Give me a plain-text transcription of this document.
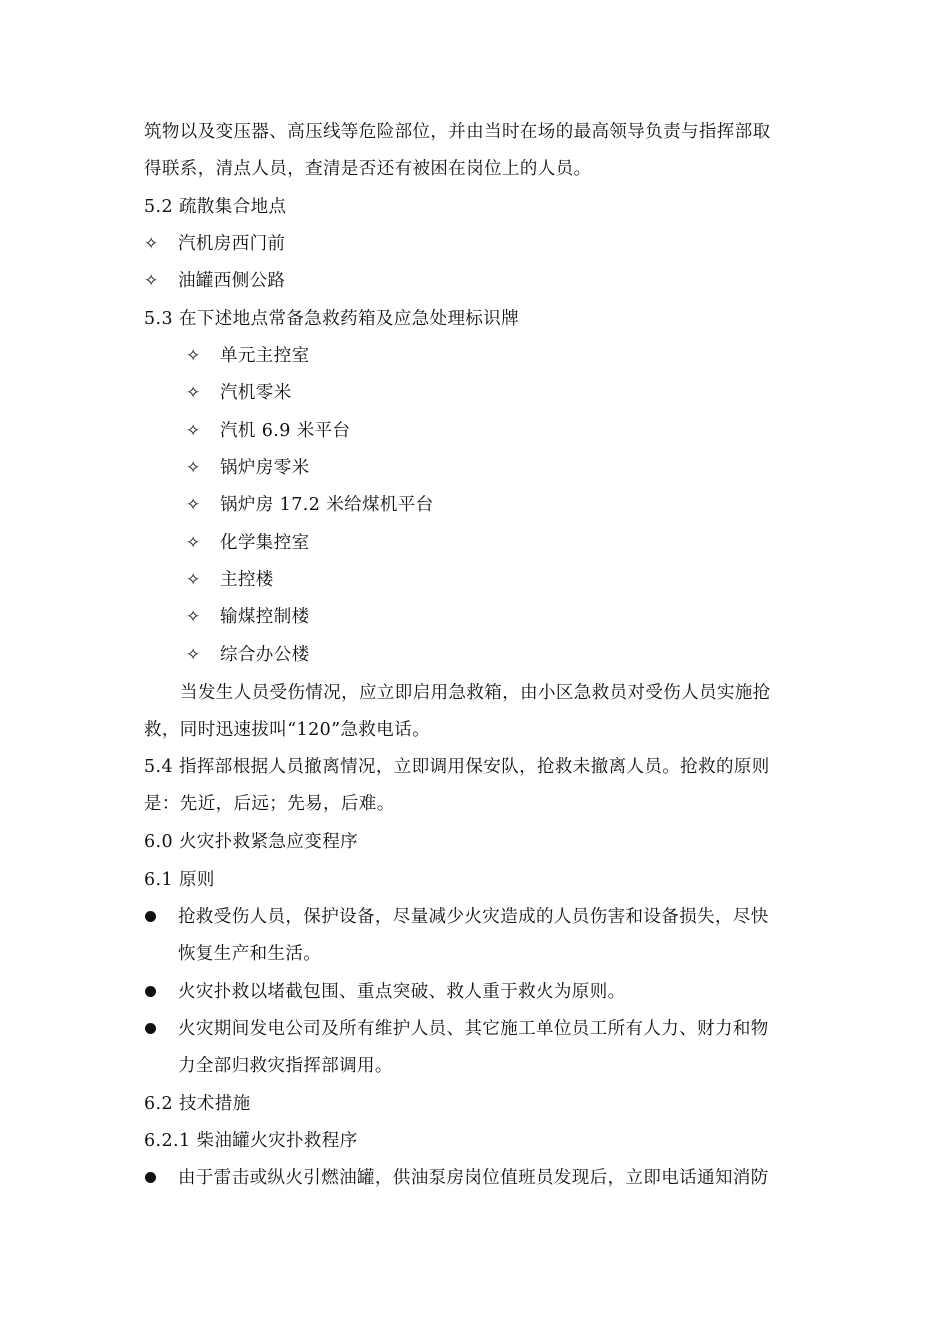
筑物以及变压器、高压线等危险部位，并由当时在场的最高领导负责与指挥部取
得联系，清点人员，查清是否还有被困在岗位上的人员。
5.2 疏散集合地点
✧ 汽机房西门前
✧ 油罐西侧公路
5.3 在下述地点常备急救药箱及应急处理标识牌
✧ 单元主控室
✧ 汽机零米
✧ 汽机 6.9 米平台
✧ 锅炉房零米
✧ 锅炉房 17.2 米给煤机平台
✧ 化学集控室
✧ 主控楼
✧ 输煤控制楼
✧ 综合办公楼
当发生人员受伤情况，应立即启用急救箱，由小区急救员对受伤人员实施抢
救，同时迅速拔叫“120”急救电话。
5.4 指挥部根据人员撤离情况，立即调用保安队，抢救未撤离人员。抢救的原则
是：先近，后远；先易，后难。
6.0 火灾扑救紧急应变程序
6.1 原则
抢救受伤人员，保护设备，尽量减少火灾造成的人员伤害和设备损失，尽快
恢复生产和生活。
火灾扑救以堵截包围、重点突破、救人重于救火为原则。
火灾期间发电公司及所有维护人员、其它施工单位员工所有人力、财力和物
力全部归救灾指挥部调用。
6.2 技术措施
6.2.1 柴油罐火灾扑救程序
由于雷击或纵火引燃油罐，供油泵房岗位值班员发现后，立即电话通知消防
